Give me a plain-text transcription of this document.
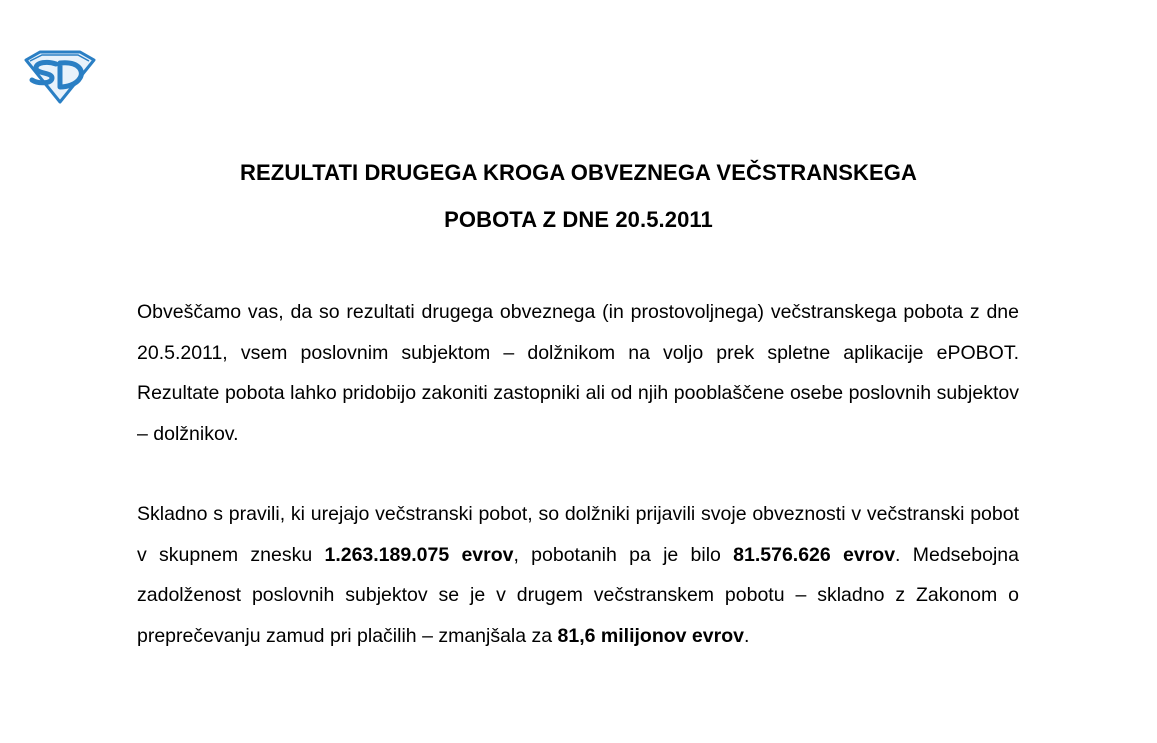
REZULTATI DRUGEGA KROGA OBVEZNEGA VEČSTRANSKEGA
POBOTA Z DNE 20.5.2011

Obveščamo vas, da so rezultati drugega obveznega (in prostovoljnega) večstranskega pobota z dne 20.5.2011, vsem poslovnim subjektom – dolžnikom na voljo prek spletne aplikacije ePOBOT. Rezultate pobota lahko pridobijo zakoniti zastopniki ali od njih pooblaščene osebe poslovnih subjektov – dolžnikov.

Skladno s pravili, ki urejajo večstranski pobot, so dolžniki prijavili svoje obveznosti v večstranski pobot v skupnem znesku 1.263.189.075 evrov, pobotanih pa je bilo 81.576.626 evrov. Medsebojna zadolženost poslovnih subjektov se je v drugem večstranskem pobotu – skladno z Zakonom o preprečevanju zamud pri plačilih – zmanjšala za 81,6 milijonov evrov.
